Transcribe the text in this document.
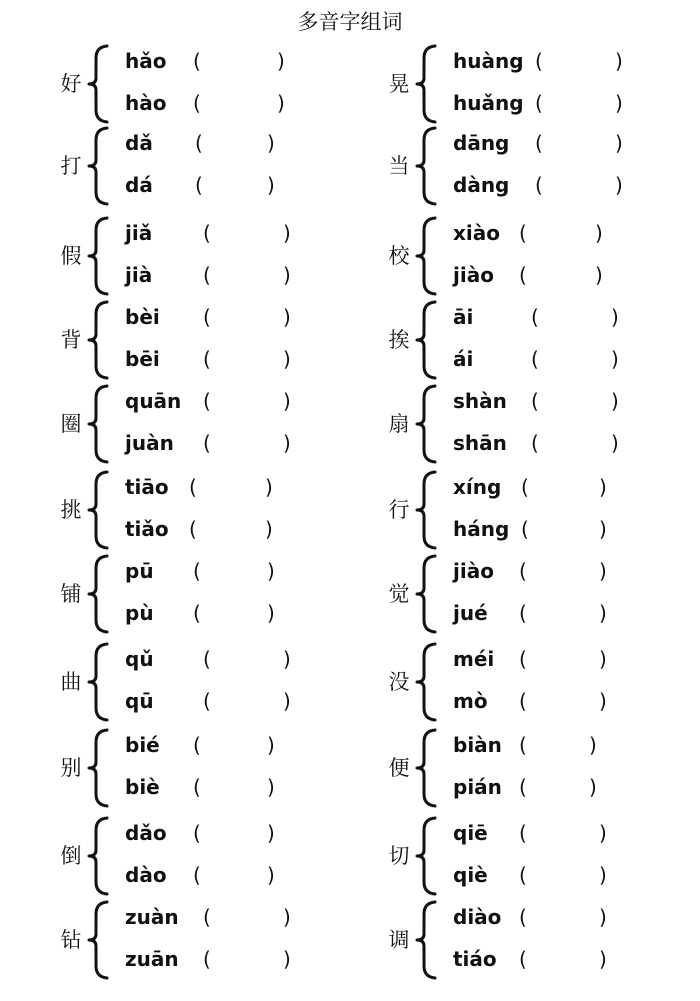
多音字组词
好
hǎo (	)
hào (	)
打
dǎ (	)
dá (	)
假
jiǎ	(	)
jià	(	)
背
bèi (	)
bēi (	)
圈
quān (	)
juàn (	)
挑
tiāo (	)
tiǎo (	)
铺
pū (	)
pù (	)
曲
qǔ (	)
qū (	)
别
bié (	)
biè (	)
倒
dǎo (	)
dào (	)
钻
zuàn (	)
zuān (	)
晃
huàng (	)
huǎng (	)
当
dāng (	)
dàng (	)
校
xiào (	)
jiào (	)
挨
āi	(	)
ái	(	)
扇
shàn (	)
shān (	)
行
xíng (	)
háng (	)
觉
jiào (	)
jué (	)
没
méi (	)
mò (	)
便
biàn (	)
pián (	)
切
qiē (	)
qiè (	)
调
diào (	)
tiáo (	)
